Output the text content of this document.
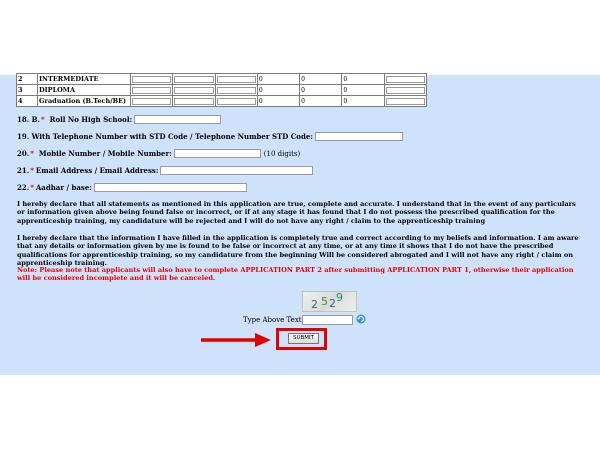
2	INTERMEDIATE				0	0	0	
3	DIPLOMA				0	0	0	
4	Graduation (B.Tech/BE)				0	0	0	
18. B. * Roll No High School:
19. With Telephone Number with STD Code / Telephone Number STD Code:
20. * Mobile Number / Mobile Number:	(10 digits)
21. * Email Address / Email Address:
22. * Aadhar / base:
I hereby declare that all statements as mentioned in this application are true, complete and accurate. I understand that in the event of any particulars or information given above being found false or incorrect, or if at any stage it has found that I do not possess the prescribed qualification for the apprenticeship training, my candidature will be rejected and I will do not have any right / claim to the apprenticeship training
I hereby declare that the information I have filled in the application is completely true and correct according to my beliefs and information. I am aware that any details or information given by me is found to be false or incorrect at any time, or at any time it shows that I do not have the prescribed qualifications for apprenticeship training, so my candidature from the beginning Will be considered abrogated and I will not have any right / claim on apprenticeship training.
Note: Please note that applicants will also have to complete APPLICATION PART 2 after submitting APPLICATION PART 1, otherwise their application will be considered incomplete and it will be canceled.
2 5 2 9
Type Above Text
SUBMIT
